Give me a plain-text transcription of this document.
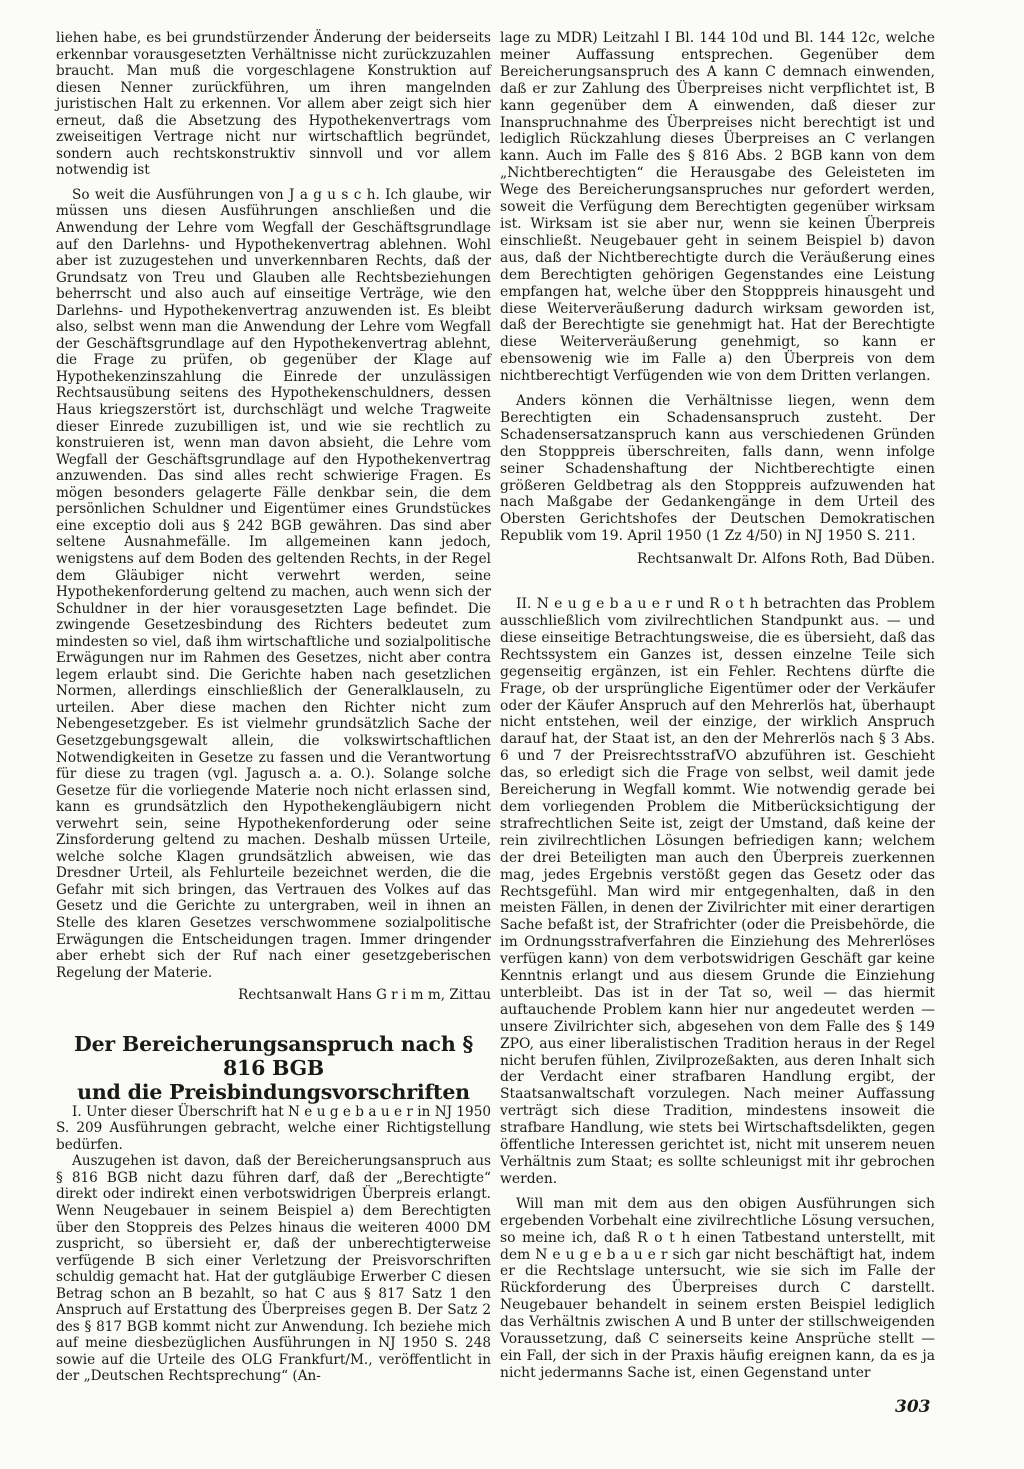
liehen habe, es bei grundstürzender Änderung der beiderseits erkennbar vorausgesetzten Verhältnisse nicht zurückzuzahlen braucht. Man muß die vorgeschlagene Konstruktion auf diesen Nenner zurückführen, um ihren mangelnden juristischen Halt zu erkennen. Vor allem aber zeigt sich hier erneut, daß die Absetzung des Hypothekenvertrags vom zweiseitigen Vertrage nicht nur wirtschaftlich begründet, sondern auch rechtskonstruktiv sinnvoll und vor allem notwendig ist

So weit die Ausführungen von J a g u s c h. Ich glaube, wir müssen uns diesen Ausführungen anschließen und die Anwendung der Lehre vom Wegfall der Geschäftsgrundlage auf den Darlehns- und Hypothekenvertrag ablehnen. Wohl aber ist zuzugestehen und unverkennbaren Rechts, daß der Grundsatz von Treu und Glauben alle Rechtsbeziehungen beherrscht und also auch auf einseitige Verträge, wie den Darlehns- und Hypothekenvertrag anzuwenden ist. Es bleibt also, selbst wenn man die Anwendung der Lehre vom Wegfall der Geschäftsgrundlage auf den Hypothekenvertrag ablehnt, die Frage zu prüfen, ob gegenüber der Klage auf Hypothekenzinszahlung die Einrede der unzulässigen Rechtsausübung seitens des Hypothekenschuldners, dessen Haus kriegszerstört ist, durchschlägt und welche Tragweite dieser Einrede zuzubilligen ist, und wie sie rechtlich zu konstruieren ist, wenn man davon absieht, die Lehre vom Wegfall der Geschäftsgrundlage auf den Hypothekenvertrag anzuwenden. Das sind alles recht schwierige Fragen. Es mögen besonders gelagerte Fälle denkbar sein, die dem persönlichen Schuldner und Eigentümer eines Grundstückes eine exceptio doli aus § 242 BGB gewähren. Das sind aber seltene Ausnahmefälle. Im allgemeinen kann jedoch, wenigstens auf dem Boden des geltenden Rechts, in der Regel dem Gläubiger nicht verwehrt werden, seine Hypothekenforderung geltend zu machen, auch wenn sich der Schuldner in der hier vorausgesetzten Lage befindet. Die zwingende Gesetzesbindung des Richters bedeutet zum mindesten so viel, daß ihm wirtschaftliche und sozialpolitische Erwägungen nur im Rahmen des Gesetzes, nicht aber contra legem erlaubt sind. Die Gerichte haben nach gesetzlichen Normen, allerdings einschließlich der Generalklauseln, zu urteilen. Aber diese machen den Richter nicht zum Nebengesetzgeber. Es ist vielmehr grundsätzlich Sache der Gesetzgebungsgewalt allein, die volkswirtschaftlichen Notwendigkeiten in Gesetze zu fassen und die Verantwortung für diese zu tragen (vgl. Jagusch a. a. O.). Solange solche Gesetze für die vorliegende Materie noch nicht erlassen sind, kann es grundsätzlich den Hypothekengläubigern nicht verwehrt sein, seine Hypothekenforderung oder seine Zinsforderung geltend zu machen. Deshalb müssen Urteile, welche solche Klagen grundsätzlich abweisen, wie das Dresdner Urteil, als Fehlurteile bezeichnet werden, die die Gefahr mit sich bringen, das Vertrauen des Volkes auf das Gesetz und die Gerichte zu untergraben, weil in ihnen an Stelle des klaren Gesetzes verschwommene sozialpolitische Erwägungen die Entscheidungen tragen. Immer dringender aber erhebt sich der Ruf nach einer gesetzgeberischen Regelung der Materie.

Rechtsanwalt Hans G r i m m, Zittau

Der Bereicherungsanspruch nach § 816 BGB
und die Preisbindungsvorschriften

I. Unter dieser Überschrift hat N e u g e b a u e r in NJ 1950 S. 209 Ausführungen gebracht, welche einer Richtigstellung bedürfen.

Auszugehen ist davon, daß der Bereicherungsanspruch aus § 816 BGB nicht dazu führen darf, daß der „Berechtigte“ direkt oder indirekt einen verbotswidrigen Überpreis erlangt. Wenn Neugebauer in seinem Beispiel a) dem Berechtigten über den Stoppreis des Pelzes hinaus die weiteren 4000 DM zuspricht, so übersieht er, daß der unberechtigterweise verfügende B sich einer Verletzung der Preisvorschriften schuldig gemacht hat. Hat der gutgläubige Erwerber C diesen Betrag schon an B bezahlt, so hat C aus § 817 Satz 1 den Anspruch auf Erstattung des Überpreises gegen B. Der Satz 2 des § 817 BGB kommt nicht zur Anwendung. Ich beziehe mich auf meine diesbezüglichen Ausführungen in NJ 1950 S. 248 sowie auf die Urteile des OLG Frankfurt/M., veröffentlicht in der „Deutschen Rechtsprechung“ (An-

lage zu MDR) Leitzahl I Bl. 144 10d und Bl. 144 12c, welche meiner Auffassung entsprechen. Gegenüber dem Bereicherungsanspruch des A kann C demnach einwenden, daß er zur Zahlung des Überpreises nicht verpflichtet ist, B kann gegenüber dem A einwenden, daß dieser zur Inanspruchnahme des Überpreises nicht berechtigt ist und lediglich Rückzahlung dieses Überpreises an C verlangen kann. Auch im Falle des § 816 Abs. 2 BGB kann von dem „Nichtberechtigten“ die Herausgabe des Geleisteten im Wege des Bereicherungsanspruches nur gefordert werden, soweit die Verfügung dem Berechtigten gegenüber wirksam ist. Wirksam ist sie aber nur, wenn sie keinen Überpreis einschließt. Neugebauer geht in seinem Beispiel b) davon aus, daß der Nichtberechtigte durch die Veräußerung eines dem Berechtigten gehörigen Gegenstandes eine Leistung empfangen hat, welche über den Stopppreis hinausgeht und diese Weiterveräußerung dadurch wirksam geworden ist, daß der Berechtigte sie genehmigt hat. Hat der Berechtigte diese Weiterveräußerung genehmigt, so kann er ebensowenig wie im Falle a) den Überpreis von dem nichtberechtigt Verfügenden wie von dem Dritten verlangen.

Anders können die Verhältnisse liegen, wenn dem Berechtigten ein Schadensanspruch zusteht. Der Schadensersatzanspruch kann aus verschiedenen Gründen den Stopppreis überschreiten, falls dann, wenn infolge seiner Schadenshaftung der Nichtberechtigte einen größeren Geldbetrag als den Stopppreis aufzuwenden hat nach Maßgabe der Gedankengänge in dem Urteil des Obersten Gerichtshofes der Deutschen Demokratischen Republik vom 19. April 1950 (1 Zz 4/50) in NJ 1950 S. 211.

Rechtsanwalt Dr. Alfons Roth, Bad Düben.

II. N e u g e b a u e r und R o t h betrachten das Problem ausschließlich vom zivilrechtlichen Standpunkt aus. — und diese einseitige Betrachtungsweise, die es übersieht, daß das Rechtssystem ein Ganzes ist, dessen einzelne Teile sich gegenseitig ergänzen, ist ein Fehler. Rechtens dürfte die Frage, ob der ursprüngliche Eigentümer oder der Verkäufer oder der Käufer Anspruch auf den Mehrerlös hat, überhaupt nicht entstehen, weil der einzige, der wirklich Anspruch darauf hat, der Staat ist, an den der Mehrerlös nach § 3 Abs. 6 und 7 der PreisrechtsstrafVO abzuführen ist. Geschieht das, so erledigt sich die Frage von selbst, weil damit jede Bereicherung in Wegfall kommt. Wie notwendig gerade bei dem vorliegenden Problem die Mitberücksichtigung der strafrechtlichen Seite ist, zeigt der Umstand, daß keine der rein zivilrechtlichen Lösungen befriedigen kann; welchem der drei Beteiligten man auch den Überpreis zuerkennen mag, jedes Ergebnis verstößt gegen das Gesetz oder das Rechtsgefühl. Man wird mir entgegenhalten, daß in den meisten Fällen, in denen der Zivilrichter mit einer derartigen Sache befaßt ist, der Strafrichter (oder die Preisbehörde, die im Ordnungsstrafverfahren die Einziehung des Mehrerlöses verfügen kann) von dem verbotswidrigen Geschäft gar keine Kenntnis erlangt und aus diesem Grunde die Einziehung unterbleibt. Das ist in der Tat so, weil — das hiermit auftauchende Problem kann hier nur angedeutet werden — unsere Zivilrichter sich, abgesehen von dem Falle des § 149 ZPO, aus einer liberalistischen Tradition heraus in der Regel nicht berufen fühlen, Zivilprozeßakten, aus deren Inhalt sich der Verdacht einer strafbaren Handlung ergibt, der Staatsanwaltschaft vorzulegen. Nach meiner Auffassung verträgt sich diese Tradition, mindestens insoweit die strafbare Handlung, wie stets bei Wirtschaftsdelikten, gegen öffentliche Interessen gerichtet ist, nicht mit unserem neuen Verhältnis zum Staat; es sollte schleunigst mit ihr gebrochen werden.

Will man mit dem aus den obigen Ausführungen sich ergebenden Vorbehalt eine zivilrechtliche Lösung versuchen, so meine ich, daß R o t h einen Tatbestand unterstellt, mit dem N e u g e b a u e r sich gar nicht beschäftigt hat, indem er die Rechtslage untersucht, wie sie sich im Falle der Rückforderung des Überpreises durch C darstellt. Neugebauer behandelt in seinem ersten Beispiel lediglich das Verhältnis zwischen A und B unter der stillschweigenden Voraussetzung, daß C seinerseits keine Ansprüche stellt — ein Fall, der sich in der Praxis häufig ereignen kann, da es ja nicht jedermanns Sache ist, einen Gegenstand unter

303
